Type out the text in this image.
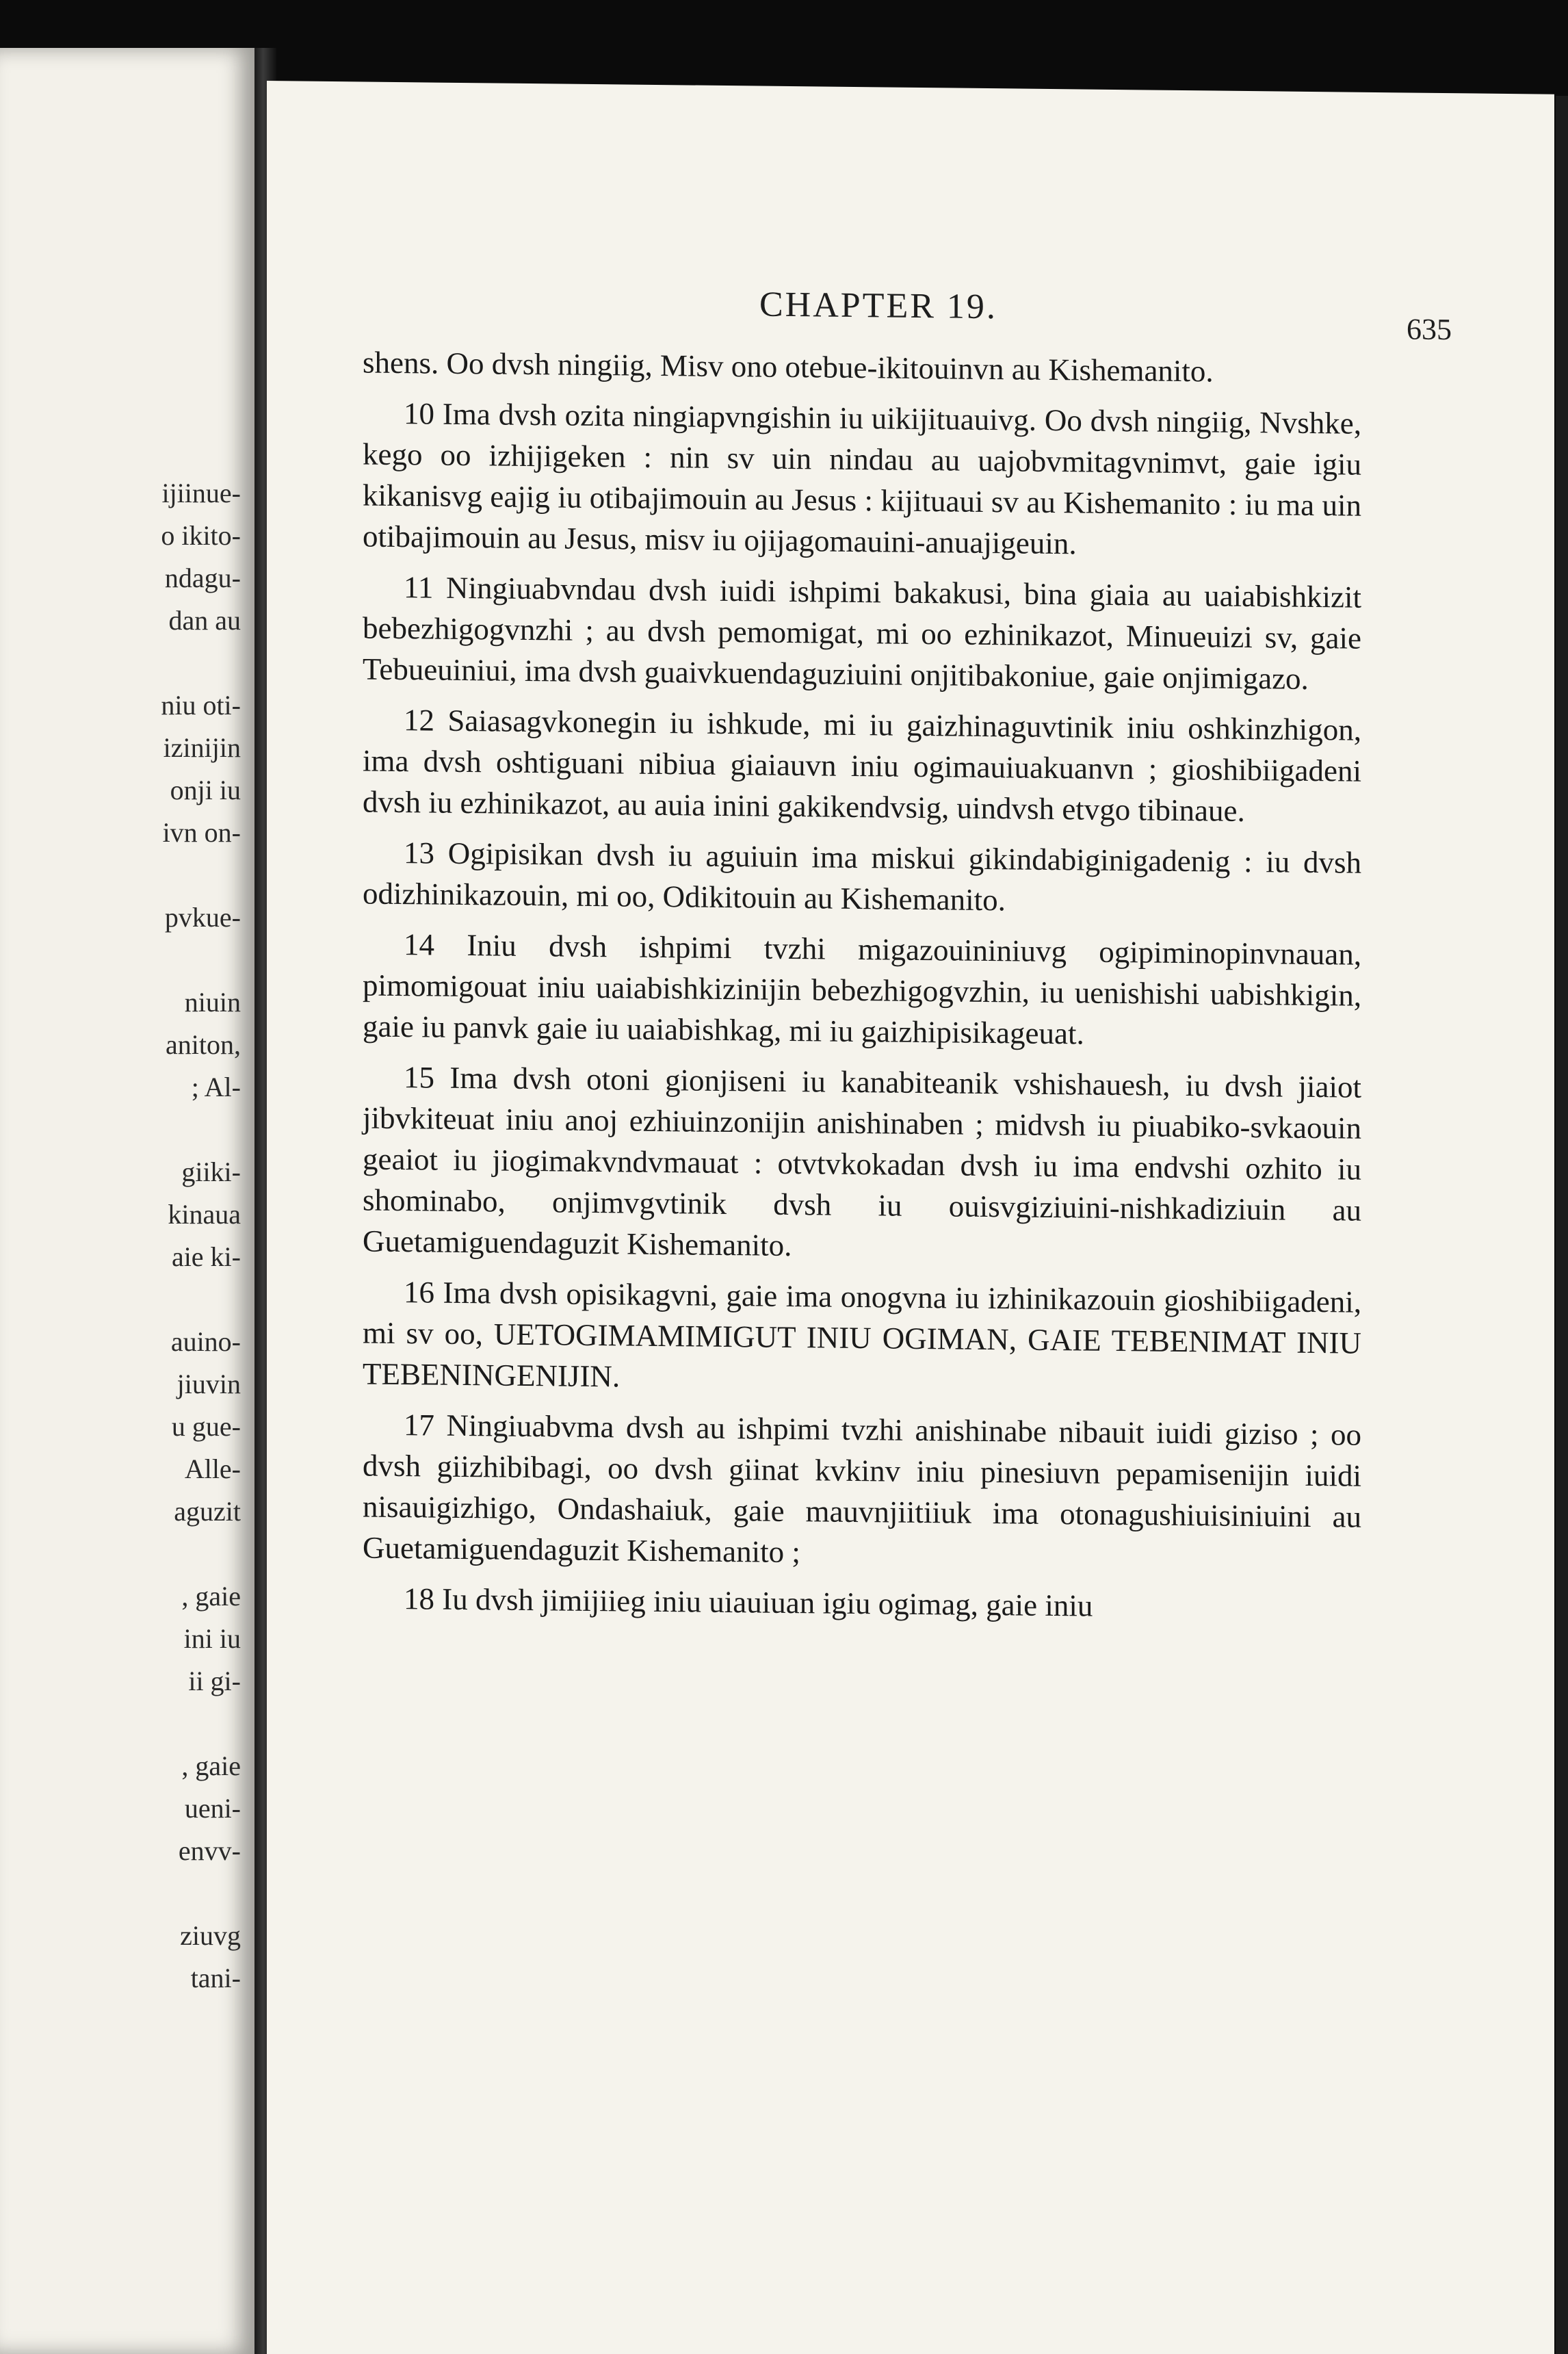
ijiinue-
o ikito-
ndagu-
dan au
niu oti-
izinijin
onji iu
ivn on-
pvkue-
niuin
aniton,
; Al-
giiki-
kinaua
aie ki-
auino-
jiuvin
u gue-
Alle-
aguzit
, gaie
ini iu
ii gi-
, gaie
ueni-
envv-
ziuvg
tani-
CHAPTER 19.
635

shens. Oo dvsh ningiig, Misv ono otebue-ikitouinvn au Kishemanito.

10 Ima dvsh ozita ningiapvngishin iu uikijituauivg. Oo dvsh ningiig, Nvshke, kego oo izhijigeken : nin sv uin nindau au uajobvmitagvnimvt, gaie igiu kikanisvg eajig iu otibajimouin au Jesus : kijituaui sv au Kishemanito : iu ma uin otibajimouin au Jesus, misv iu ojijagomauini-anuajigeuin.

11 Ningiuabvndau dvsh iuidi ishpimi bakakusi, bina giaia au uaiabishkizit bebezhigogvnzhi ; au dvsh pemomigat, mi oo ezhinikazot, Minueuizi sv, gaie Tebueuiniui, ima dvsh guaivkuendaguziuini onjitibakoniue, gaie onjimigazo.

12 Saiasagvkonegin iu ishkude, mi iu gaizhinaguvtinik iniu oshkinzhigon, ima dvsh oshtiguani nibiua giaiauvn iniu ogimauiuakuanvn ; gioshibiigadeni dvsh iu ezhinikazot, au auia inini gakikendvsig, uindvsh etvgo tibinaue.

13 Ogipisikan dvsh iu aguiuin ima miskui gikindabiginigadenig : iu dvsh odizhinikazouin, mi oo, Odikitouin au Kishemanito.

14 Iniu dvsh ishpimi tvzhi migazouininiuvg ogipiminopinvnauan, pimomigouat iniu uaiabishkizinijin bebezhigogvzhin, iu uenishishi uabishkigin, gaie iu panvk gaie iu uaiabishkag, mi iu gaizhipisikageuat.

15 Ima dvsh otoni gionjiseni iu kanabiteanik vshishauesh, iu dvsh jiaiot jibvkiteuat iniu anoj ezhiuinzonijin anishinaben ; midvsh iu piuabiko-svkaouin geaiot iu jiogimakvndvmauat : otvtvkokadan dvsh iu ima endvshi ozhito iu shominabo, onjimvgvtinik dvsh iu ouisvgiziuini-nishkadiziuin au Guetamiguendaguzit Kishemanito.

16 Ima dvsh opisikagvni, gaie ima onogvna iu izhinikazouin gioshibiigadeni, mi sv oo, UETOGIMAMIMIGUT INIU OGIMAN, GAIE TEBENIMAT INIU TEBENINGENIJIN.

17 Ningiuabvma dvsh au ishpimi tvzhi anishinabe nibauit iuidi giziso ; oo dvsh giizhibibagi, oo dvsh giinat kvkinv iniu pinesiuvn pepamisenijin iuidi nisauigizhigo, Ondashaiuk, gaie mauvnjiitiiuk ima otonagushiuisiniuini au Guetamiguendaguzit Kishemanito ;

18 Iu dvsh jimijiieg iniu uiauiuan igiu ogimag, gaie iniu
